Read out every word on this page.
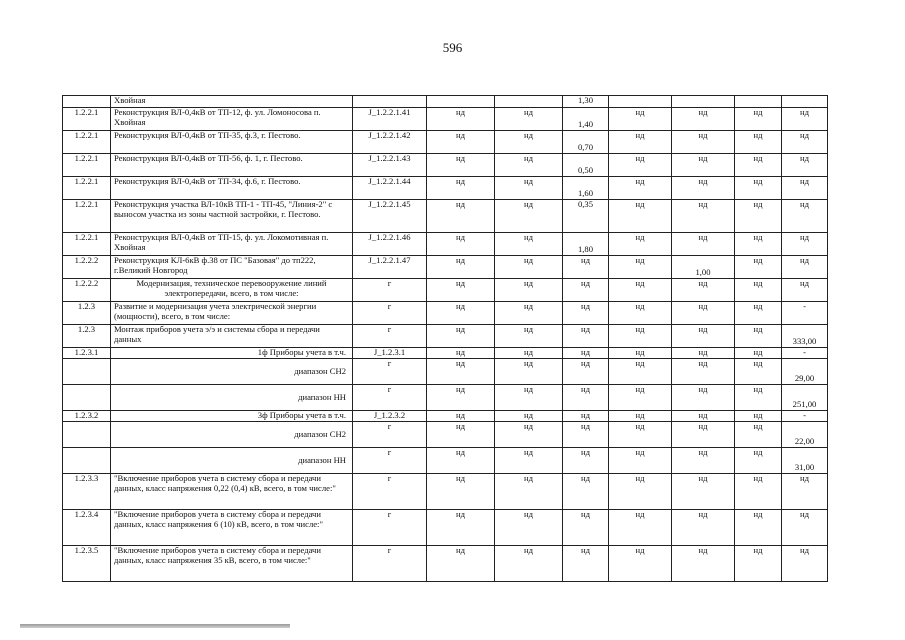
596
	Хвойная				1,30				
1.2.2.1	Реконструкция ВЛ-0,4кВ от ТП-12, ф. ул. Ломоносова п. Хвойная	J_1.2.2.1.41	нд	нд	1,40	нд	нд	нд	нд
1.2.2.1	Реконструкция ВЛ-0,4кВ от ТП-35, ф.3, г. Пестово.	J_1.2.2.1.42	нд	нд	0,70	нд	нд	нд	нд
1.2.2.1	Реконструкция ВЛ-0,4кВ от ТП-56, ф. 1, г. Пестово.	J_1.2.2.1.43	нд	нд	0,50	нд	нд	нд	нд
1.2.2.1	Реконструкция ВЛ-0,4кВ от ТП-34, ф.6, г. Пестово.	J_1.2.2.1.44	нд	нд	1,60	нд	нд	нд	нд
1.2.2.1	Реконструкция участка ВЛ-10кВ ТП-1 - ТП-45, "Линия-2" с выносом участка из зоны частной застройки, г. Пестово.	J_1.2.2.1.45	нд	нд	0,35	нд	нд	нд	нд
1.2.2.1	Реконструкция ВЛ-0,4кВ от ТП-15, ф. ул. Локомотивная п. Хвойная	J_1.2.2.1.46	нд	нд	1,80	нд	нд	нд	нд
1.2.2.2	Реконструкция КЛ-6кВ ф.38 от ПС "Базовая" до тп222, г.Великий Новгород	J_1.2.2.1.47	нд	нд	нд	нд	1,00	нд	нд
1.2.2.2	Модернизация, техническое перевооружение линий электропередачи, всего, в том числе:	г	нд	нд	нд	нд	нд	нд	нд
1.2.3	Развитие и модернизация учета электрической энергии (мощности), всего, в том числе:	г	нд	нд	нд	нд	нд	нд	-
1.2.3	Монтаж приборов учета э/э и системы сбора и передачи данных	г	нд	нд	нд	нд	нд	нд	333,00
1.2.3.1	1ф Приборы учета в т.ч.	J_1.2.3.1	нд	нд	нд	нд	нд	нд	-
	диапазон СН2	г	нд	нд	нд	нд	нд	нд	29,00
	диапазон НН	г	нд	нд	нд	нд	нд	нд	251,00
1.2.3.2	3ф Приборы учета в т.ч.	J_1.2.3.2	нд	нд	нд	нд	нд	нд	-
	диапазон СН2	г	нд	нд	нд	нд	нд	нд	22,00
	диапазон НН	г	нд	нд	нд	нд	нд	нд	31,00
1.2.3.3	"Включение приборов учета в систему сбора и передачи данных, класс напряжения 0,22 (0,4) кВ, всего, в том числе:"	г	нд	нд	нд	нд	нд	нд	нд
1.2.3.4	"Включение приборов учета в систему сбора и передачи данных, класс напряжения 6 (10) кВ, всего, в том числе:"	г	нд	нд	нд	нд	нд	нд	нд
1.2.3.5	"Включение приборов учета в систему сбора и передачи данных, класс напряжения 35 кВ, всего, в том числе:"	г	нд	нд	нд	нд	нд	нд	нд
